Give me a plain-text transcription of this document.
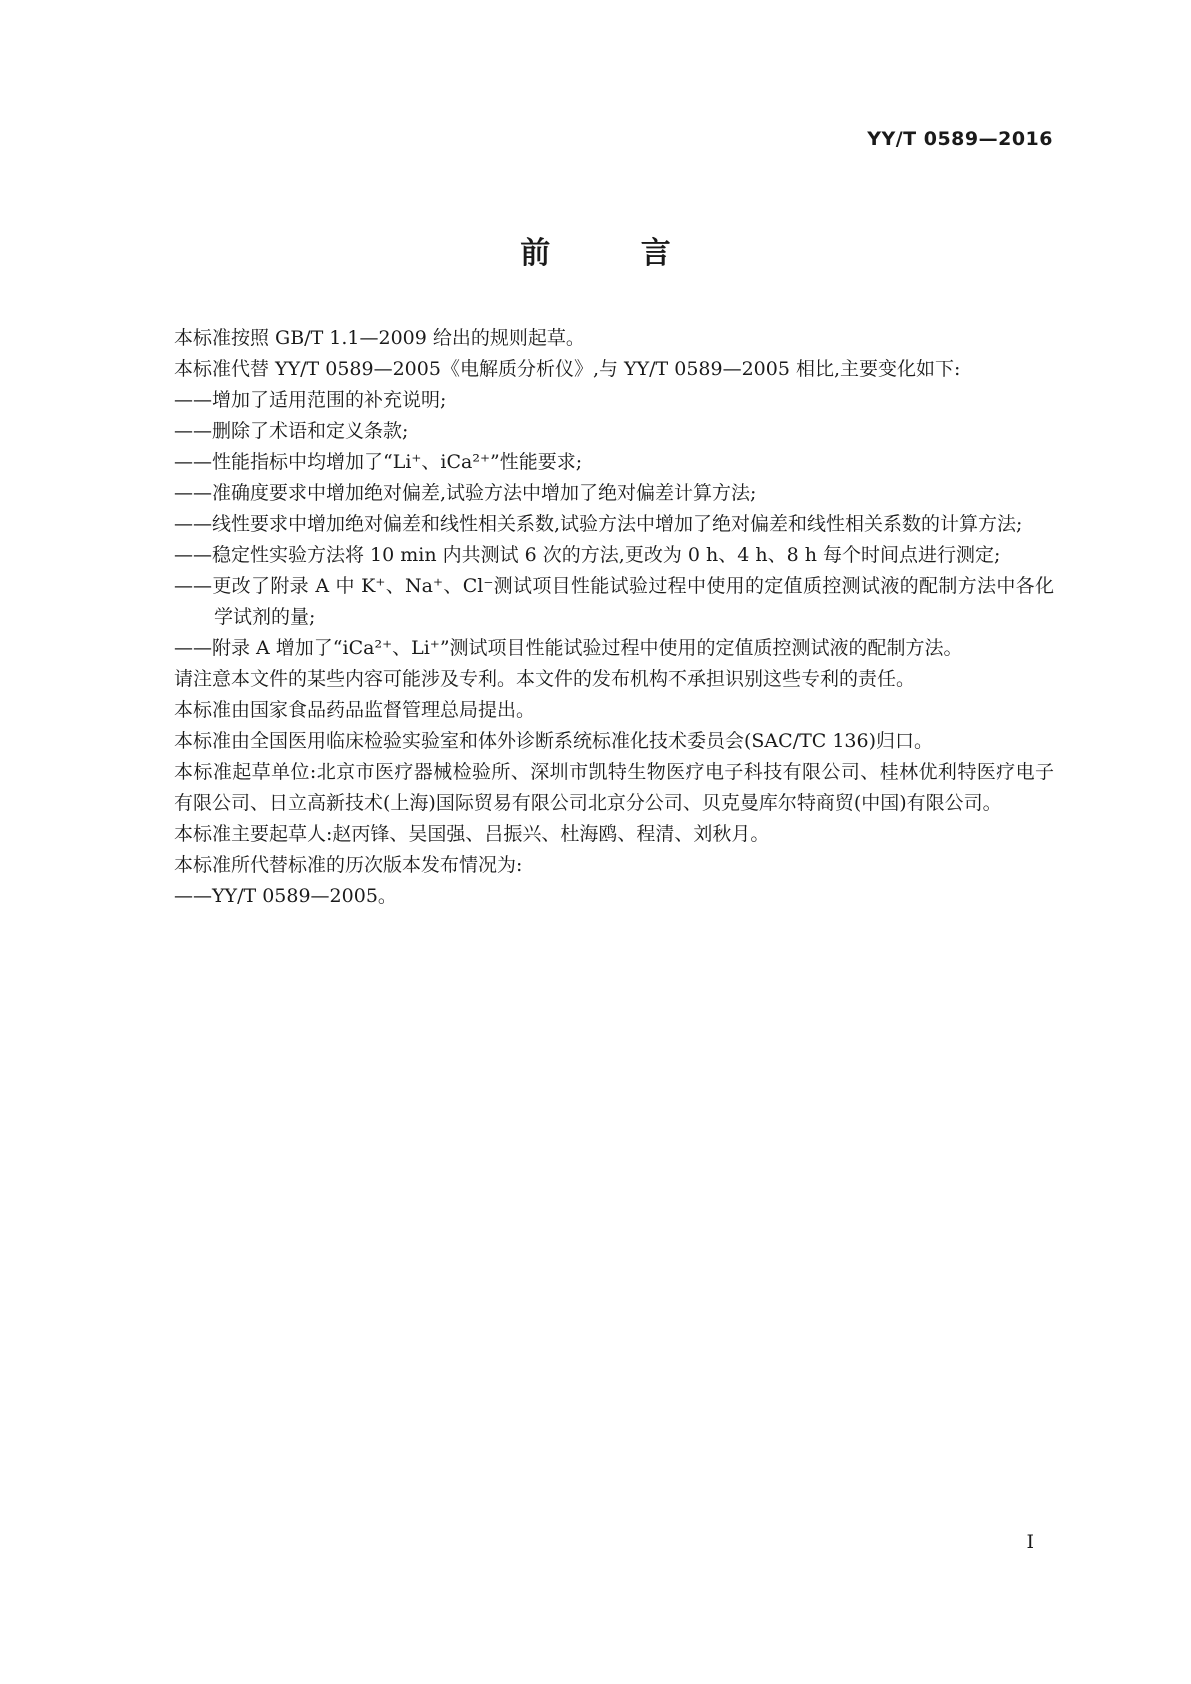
YY/T 0589—2016
前 言

本标准按照 GB/T 1.1—2009 给出的规则起草。

本标准代替 YY/T 0589—2005《电解质分析仪》,与 YY/T 0589—2005 相比,主要变化如下:

——增加了适用范围的补充说明;

——删除了术语和定义条款;

——性能指标中均增加了“Li⁺、iCa²⁺”性能要求;

——准确度要求中增加绝对偏差,试验方法中增加了绝对偏差计算方法;

——线性要求中增加绝对偏差和线性相关系数,试验方法中增加了绝对偏差和线性相关系数的计算方法;

——稳定性实验方法将 10 min 内共测试 6 次的方法,更改为 0 h、4 h、8 h 每个时间点进行测定;

——更改了附录 A 中 K⁺、Na⁺、Cl⁻测试项目性能试验过程中使用的定值质控测试液的配制方法中各化学试剂的量;

——附录 A 增加了“iCa²⁺、Li⁺”测试项目性能试验过程中使用的定值质控测试液的配制方法。

请注意本文件的某些内容可能涉及专利。本文件的发布机构不承担识别这些专利的责任。

本标准由国家食品药品监督管理总局提出。

本标准由全国医用临床检验实验室和体外诊断系统标准化技术委员会(SAC/TC 136)归口。

本标准起草单位:北京市医疗器械检验所、深圳市凯特生物医疗电子科技有限公司、桂林优利特医疗电子有限公司、日立高新技术(上海)国际贸易有限公司北京分公司、贝克曼库尔特商贸(中国)有限公司。

本标准主要起草人:赵丙锋、吴国强、吕振兴、杜海鸥、程清、刘秋月。

本标准所代替标准的历次版本发布情况为:

——YY/T 0589—2005。

I
